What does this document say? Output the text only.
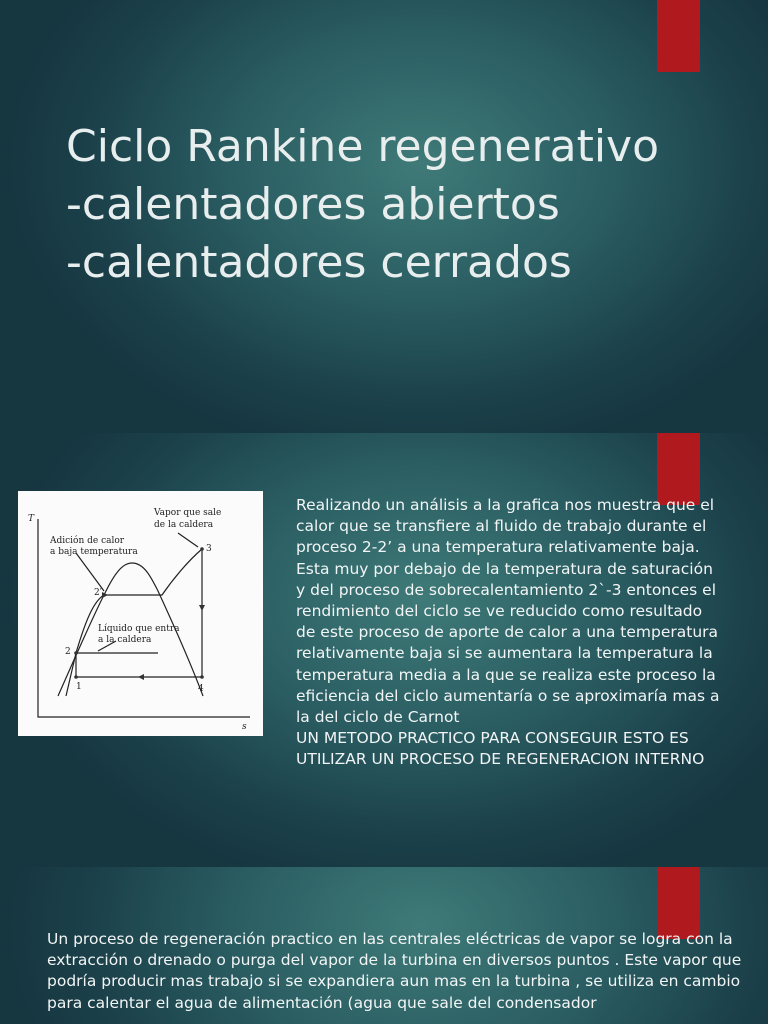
Ciclo Rankine regenerativo
-calentadores abiertos
-calentadores cerrados
T
s
Vapor que sale
de la caldera
Adición de calor
a baja temperatura
Líquido que entra
a la caldera
1
2
2′
3
4

Realizando un análisis a la grafica nos muestra que el calor que se transfiere al fluido de trabajo durante el proceso 2-2’ a una temperatura relativamente baja.

Esta muy por debajo de la temperatura de saturación y del proceso de sobrecalentamiento 2`-3 entonces el rendimiento del ciclo se ve reducido como resultado de este proceso de aporte de calor a una temperatura relativamente baja si se aumentara la temperatura la temperatura media a la que se realiza este proceso la eficiencia del ciclo aumentaría o se aproximaría mas a la del ciclo de Carnot

UN METODO PRACTICO PARA CONSEGUIR ESTO ES UTILIZAR UN PROCESO DE REGENERACION INTERNO

Un proceso de regeneración practico en las centrales eléctricas de vapor se logra con la extracción o drenado o purga del vapor de la turbina en diversos puntos . Este vapor que podría producir mas trabajo si se expandiera aun mas en la turbina , se utiliza en cambio para calentar el agua de alimentación (agua que sale del condensador
